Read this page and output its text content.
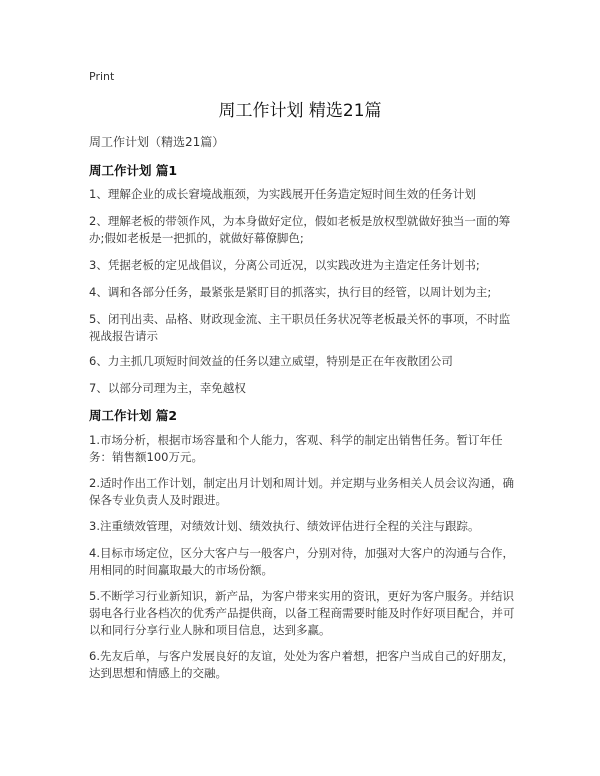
Print
周工作计划 精选21篇
周工作计划（精选21篇）
周工作计划 篇1
1、理解企业的成长窘境战瓶颈，为实践展开任务造定短时间生效的任务计划
2、理解老板的带领作风，为本身做好定位，假如老板是放权型就做好独当一面的筹办;假如老板是一把抓的，就做好幕僚脚色;
3、凭据老板的定见战倡议，分离公司近况，以实践改进为主造定任务计划书;
4、调和各部分任务，最紧张是紧盯目的抓落实，执行目的经管，以周计划为主;
5、闭刊出卖、品格、财政现金流、主干职员任务状况等老板最关怀的事项，不时监视战报告请示
6、力主抓几项短时间效益的任务以建立威望，特别是正在年夜散团公司
7、以部分司理为主，幸免越权
周工作计划 篇2
1.市场分析，根据市场容量和个人能力，客观、科学的制定出销售任务。暂订年任务：销售额100万元。
2.适时作出工作计划，制定出月计划和周计划。并定期与业务相关人员会议沟通，确保各专业负责人及时跟进。
3.注重绩效管理，对绩效计划、绩效执行、绩效评估进行全程的关注与跟踪。
4.目标市场定位，区分大客户与一般客户，分别对待，加强对大客户的沟通与合作，用相同的时间赢取最大的市场份额。
5.不断学习行业新知识，新产品，为客户带来实用的资讯，更好为客户服务。并结识弱电各行业各档次的优秀产品提供商，以备工程商需要时能及时作好项目配合，并可以和同行分享行业人脉和项目信息，达到多赢。
6.先友后单，与客户发展良好的友谊，处处为客户着想，把客户当成自己的好朋友，达到思想和情感上的交融。
